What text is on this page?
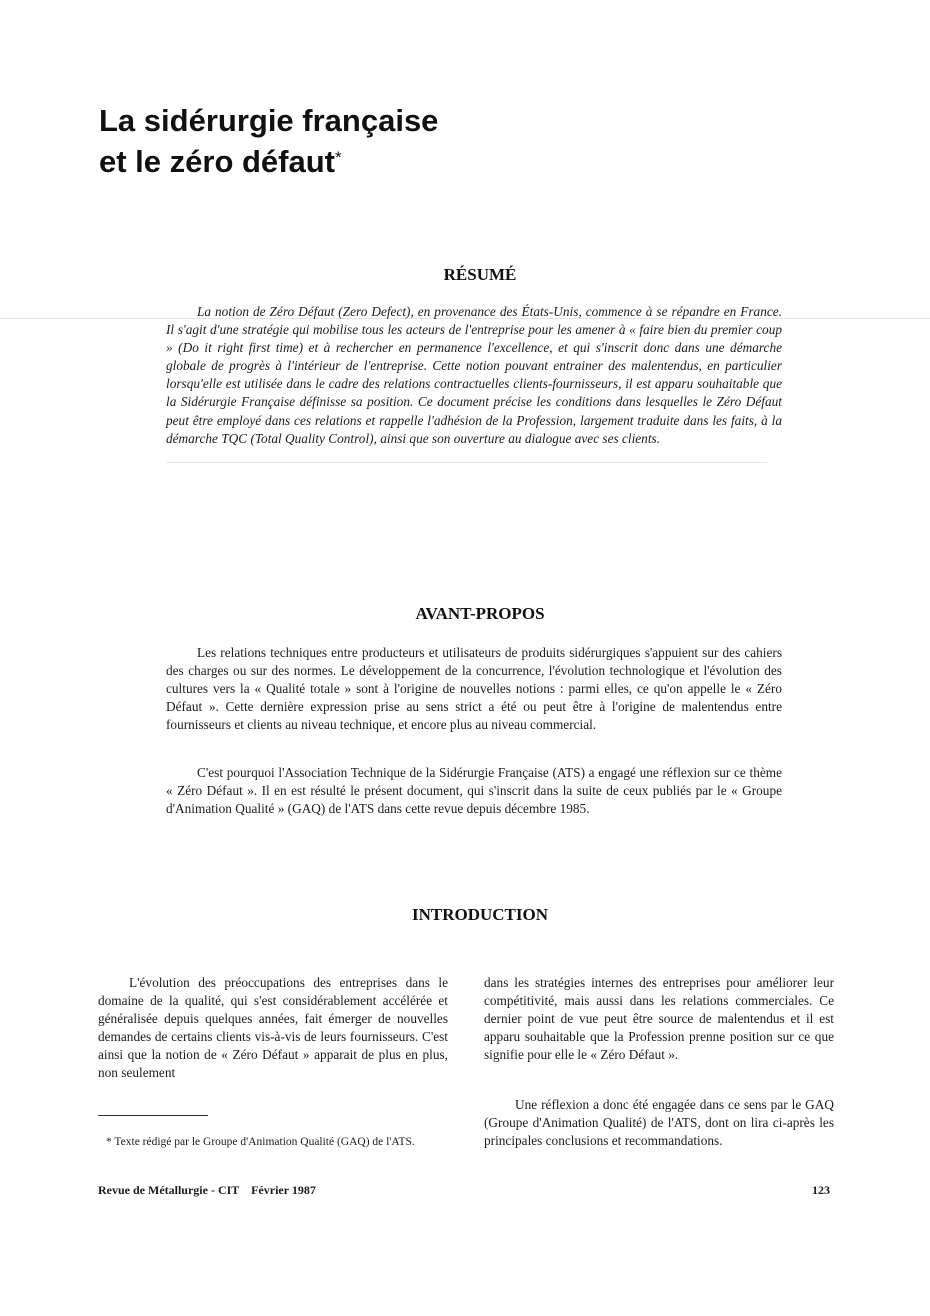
La sidérurgie française
et le zéro défaut*
RÉSUMÉ
La notion de Zéro Défaut (Zero Defect), en provenance des États-Unis, commence à se répandre en France. Il s'agit d'une stratégie qui mobilise tous les acteurs de l'entreprise pour les amener à « faire bien du premier coup » (Do it right first time) et à rechercher en permanence l'excellence, et qui s'inscrit donc dans une démarche globale de progrès à l'intérieur de l'entreprise. Cette notion pouvant entrainer des malentendus, en particulier lorsqu'elle est utilisée dans le cadre des relations contractuelles clients-fournisseurs, il est apparu souhaitable que la Sidérurgie Française définisse sa position. Ce document précise les conditions dans lesquelles le Zéro Défaut peut être employé dans ces relations et rappelle l'adhésion de la Profession, largement traduite dans les faits, à la démarche TQC (Total Quality Control), ainsi que son ouverture au dialogue avec ses clients.
AVANT-PROPOS
Les relations techniques entre producteurs et utilisateurs de produits sidérurgiques s'appuient sur des cahiers des charges ou sur des normes. Le développement de la concurrence, l'évolution technologique et l'évolution des cultures vers la « Qualité totale » sont à l'origine de nouvelles notions : parmi elles, ce qu'on appelle le « Zéro Défaut ». Cette dernière expression prise au sens strict a été ou peut être à l'origine de malentendus entre fournisseurs et clients au niveau technique, et encore plus au niveau commercial.
C'est pourquoi l'Association Technique de la Sidérurgie Française (ATS) a engagé une réflexion sur ce thème « Zéro Défaut ». Il en est résulté le présent document, qui s'inscrit dans la suite de ceux publiés par le « Groupe d'Animation Qualité » (GAQ) de l'ATS dans cette revue depuis décembre 1985.
INTRODUCTION
L'évolution des préoccupations des entreprises dans le domaine de la qualité, qui s'est considérablement accélérée et généralisée depuis quelques années, fait émerger de nouvelles demandes de certains clients vis-à-vis de leurs fournisseurs. C'est ainsi que la notion de « Zéro Défaut » apparait de plus en plus, non seulement
dans les stratégies internes des entreprises pour améliorer leur compétitivité, mais aussi dans les relations commerciales. Ce dernier point de vue peut être source de malentendus et il est apparu souhaitable que la Profession prenne position sur ce que signifie pour elle le « Zéro Défaut ».
Une réflexion a donc été engagée dans ce sens par le GAQ (Groupe d'Animation Qualité) de l'ATS, dont on lira ci-après les principales conclusions et recommandations.
* Texte rédigé par le Groupe d'Animation Qualité (GAQ) de l'ATS.
Revue de Métallurgie - CIT Février 1987	123
